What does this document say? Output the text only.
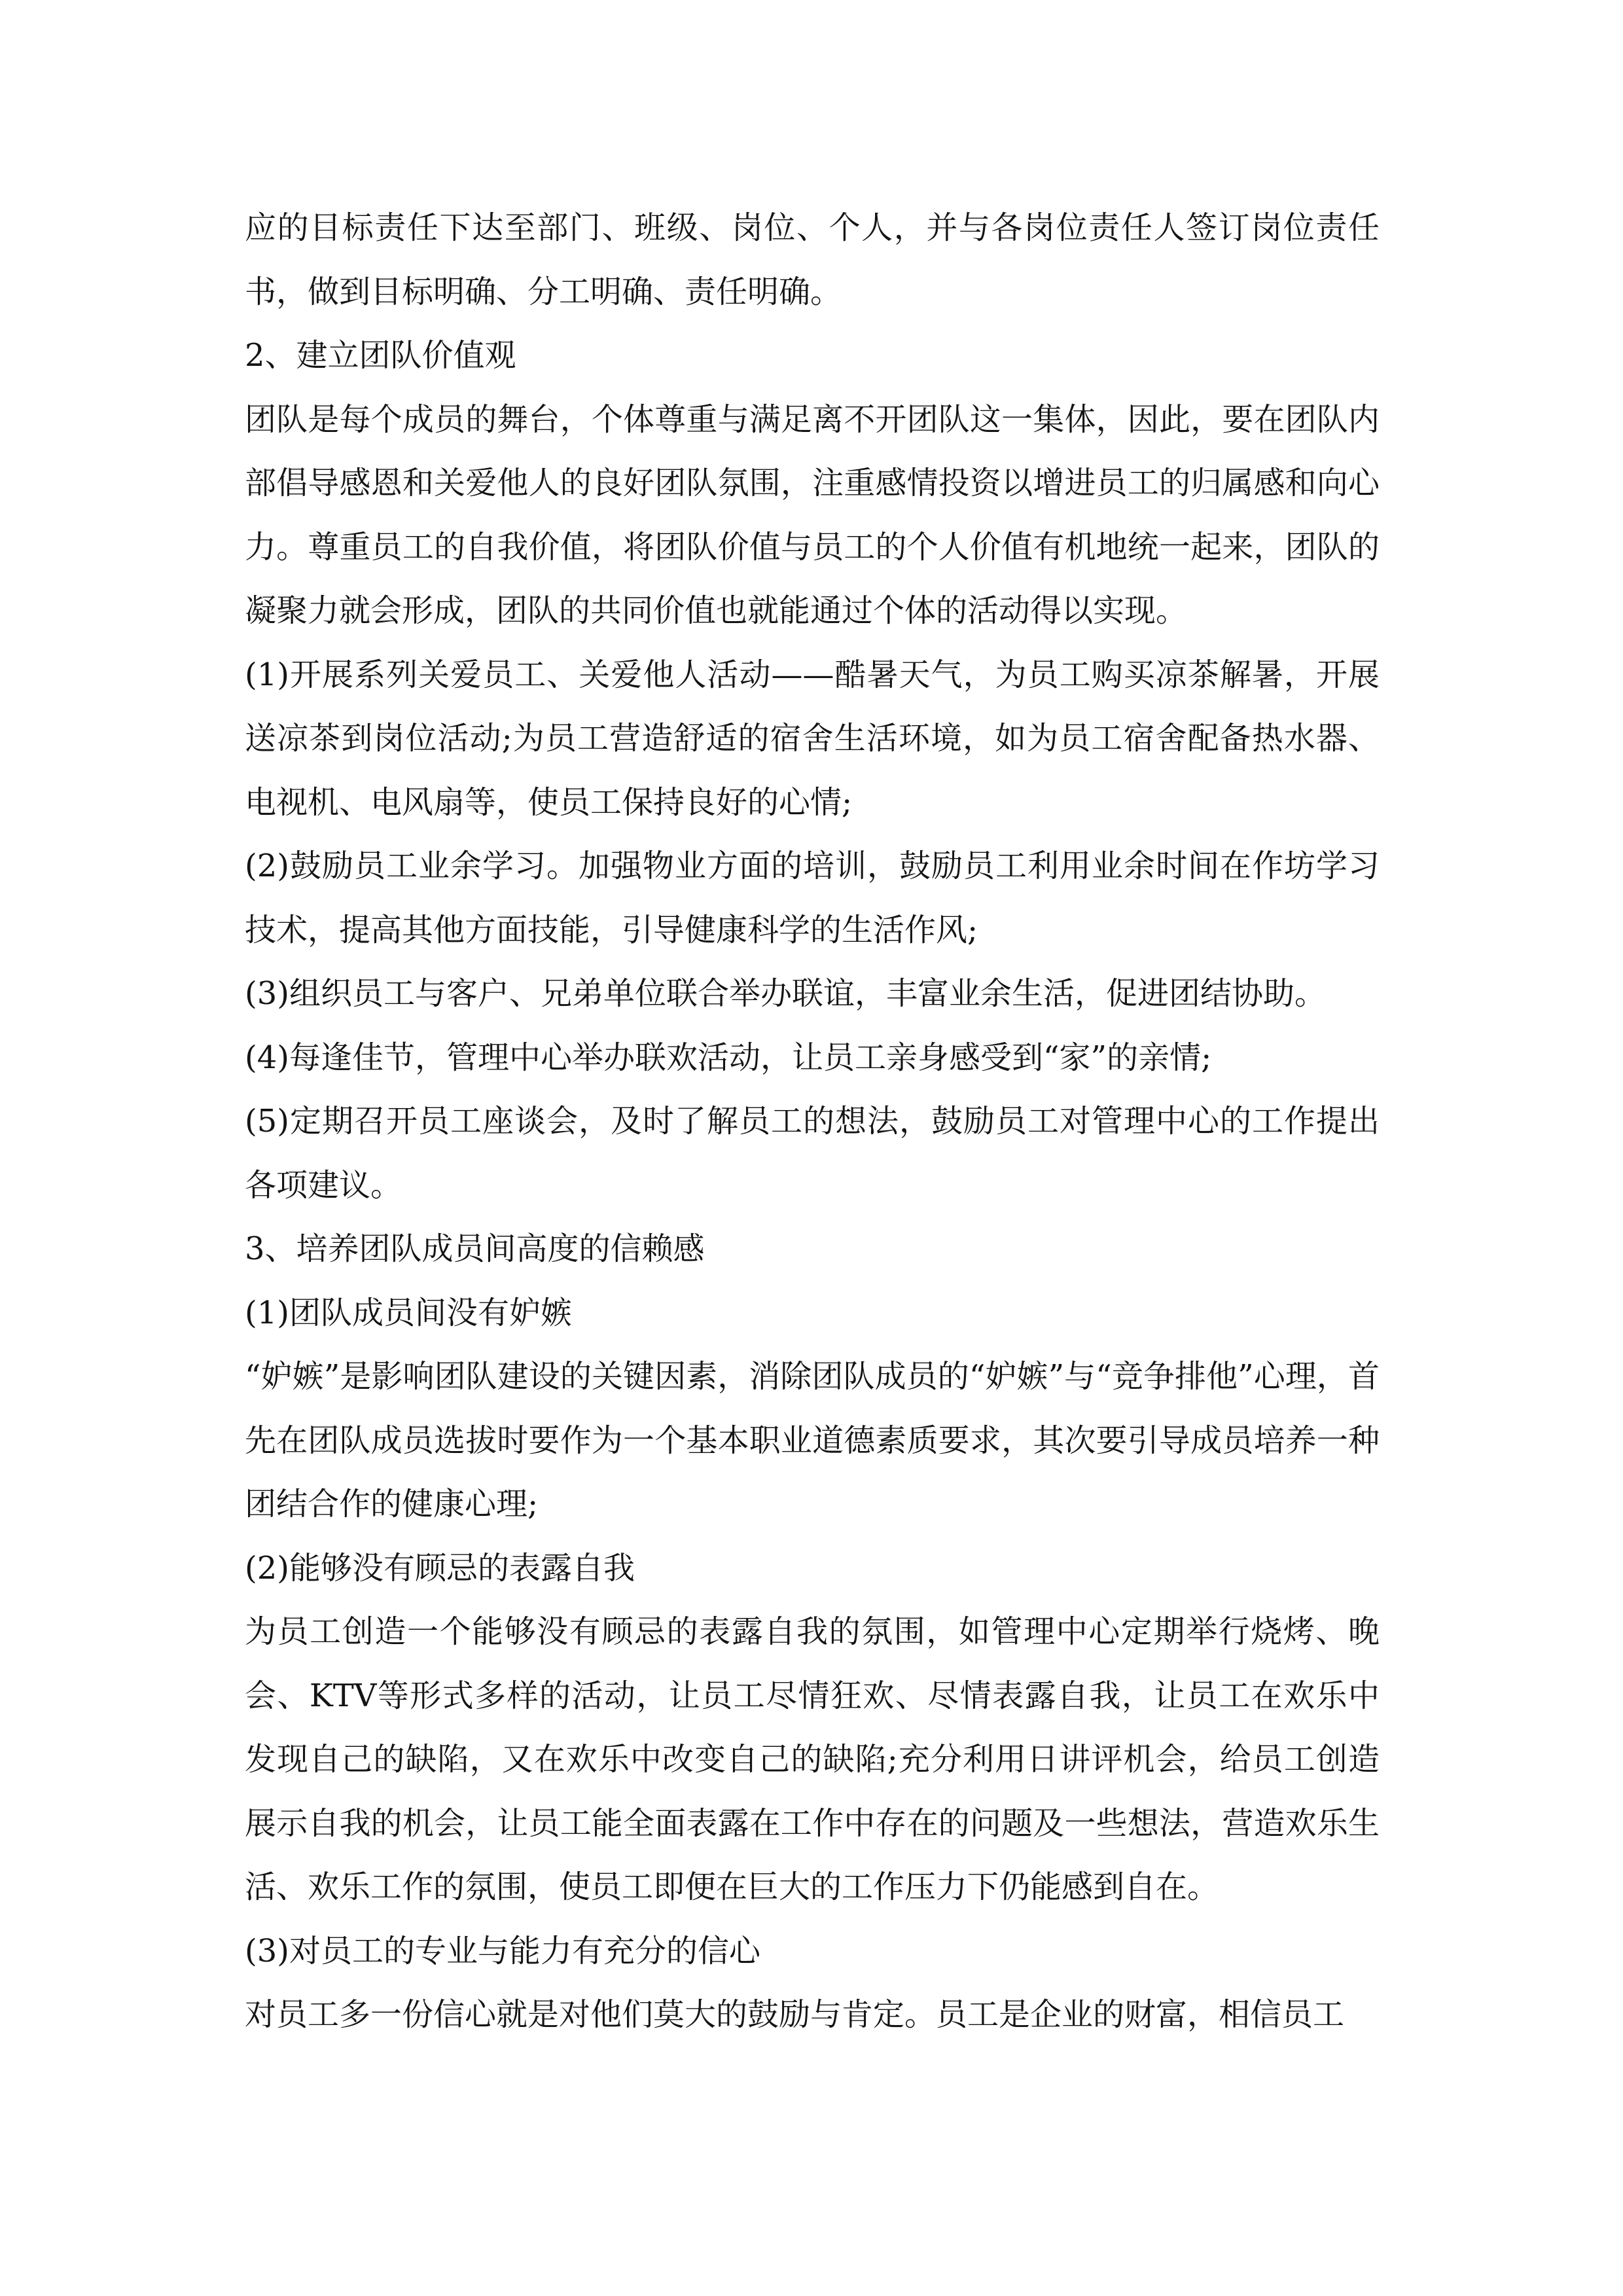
应的目标责任下达至部门、班级、岗位、个人，并与各岗位责任人签订岗位责任书，做到目标明确、分工明确、责任明确。

2、建立团队价值观

团队是每个成员的舞台，个体尊重与满足离不开团队这一集体，因此，要在团队内部倡导感恩和关爱他人的良好团队氛围，注重感情投资以增进员工的归属感和向心力。尊重员工的自我价值，将团队价值与员工的个人价值有机地统一起来，团队的凝聚力就会形成，团队的共同价值也就能通过个体的活动得以实现。

(1)开展系列关爱员工、关爱他人活动——酷暑天气，为员工购买凉茶解暑，开展送凉茶到岗位活动;为员工营造舒适的宿舍生活环境，如为员工宿舍配备热水器、电视机、电风扇等，使员工保持良好的心情;

(2)鼓励员工业余学习。加强物业方面的培训，鼓励员工利用业余时间在作坊学习技术，提高其他方面技能，引导健康科学的生活作风;

(3)组织员工与客户、兄弟单位联合举办联谊，丰富业余生活，促进团结协助。

(4)每逢佳节，管理中心举办联欢活动，让员工亲身感受到“家”的亲情;

(5)定期召开员工座谈会，及时了解员工的想法，鼓励员工对管理中心的工作提出各项建议。

3、培养团队成员间高度的信赖感

(1)团队成员间没有妒嫉

“妒嫉”是影响团队建设的关键因素，消除团队成员的“妒嫉”与“竞争排他”心理，首先在团队成员选拔时要作为一个基本职业道德素质要求，其次要引导成员培养一种团结合作的健康心理;

(2)能够没有顾忌的表露自我

为员工创造一个能够没有顾忌的表露自我的氛围，如管理中心定期举行烧烤、晚会、KTV等形式多样的活动，让员工尽情狂欢、尽情表露自我，让员工在欢乐中发现自己的缺陷，又在欢乐中改变自己的缺陷;充分利用日讲评机会，给员工创造展示自我的机会，让员工能全面表露在工作中存在的问题及一些想法，营造欢乐生活、欢乐工作的氛围，使员工即便在巨大的工作压力下仍能感到自在。

(3)对员工的专业与能力有充分的信心

对员工多一份信心就是对他们莫大的鼓励与肯定。员工是企业的财富，相信员工
